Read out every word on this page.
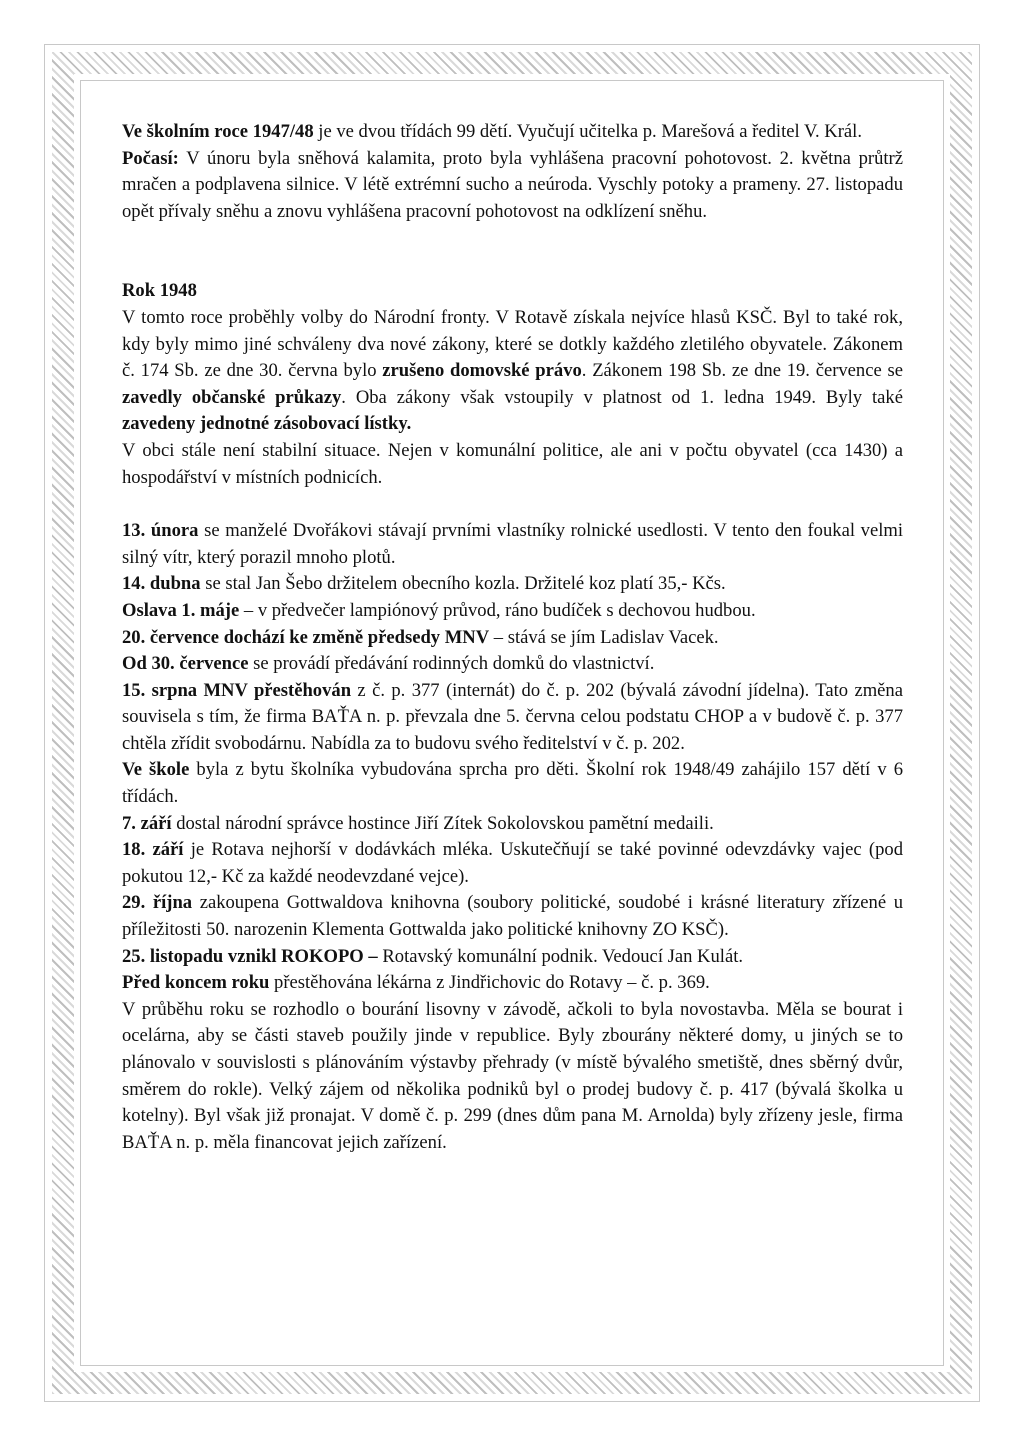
Ve školním roce 1947/48 je ve dvou třídách 99 dětí. Vyučují učitelka p. Marešová a ředitel V. Král.

Počasí: V únoru byla sněhová kalamita, proto byla vyhlášena pracovní pohotovost. 2. května průtrž mračen a podplavena silnice. V létě extrémní sucho a neúroda. Vyschly potoky a prameny. 27. listopadu opět přívaly sněhu a znovu vyhlášena pracovní pohotovost na odklízení sněhu.

Rok 1948

V tomto roce proběhly volby do Národní fronty. V Rotavě získala nejvíce hlasů KSČ. Byl to také rok, kdy byly mimo jiné schváleny dva nové zákony, které se dotkly každého zletilého obyvatele. Zákonem č. 174 Sb. ze dne 30. června bylo zrušeno domovské právo. Zákonem 198 Sb. ze dne 19. července se zavedly občanské průkazy. Oba zákony však vstoupily v platnost od 1. ledna 1949. Byly také zavedeny jednotné zásobovací lístky.

V obci stále není stabilní situace. Nejen v komunální politice, ale ani v počtu obyvatel (cca 1430) a hospodářství v místních podnicích.

13. února se manželé Dvořákovi stávají prvními vlastníky rolnické usedlosti. V tento den foukal velmi silný vítr, který porazil mnoho plotů.

14. dubna se stal Jan Šebo držitelem obecního kozla. Držitelé koz platí 35,- Kčs.

Oslava 1. máje – v předvečer lampiónový průvod, ráno budíček s dechovou hudbou.

20. července dochází ke změně předsedy MNV – stává se jím Ladislav Vacek.

Od 30. července se provádí předávání rodinných domků do vlastnictví.

15. srpna MNV přestěhován z č. p. 377 (internát) do č. p. 202 (bývalá závodní jídelna). Tato změna souvisela s tím, že firma BAŤA n. p. převzala dne 5. června celou podstatu CHOP a v budově č. p. 377 chtěla zřídit svobodárnu. Nabídla za to budovu svého ředitelství v č. p. 202.

Ve škole byla z bytu školníka vybudována sprcha pro děti. Školní rok 1948/49 zahájilo 157 dětí v 6 třídách.

7. září dostal národní správce hostince Jiří Zítek Sokolovskou pamětní medaili.

18. září je Rotava nejhorší v dodávkách mléka. Uskutečňují se také povinné odevzdávky vajec (pod pokutou 12,- Kč za každé neodevzdané vejce).

29. října zakoupena Gottwaldova knihovna (soubory politické, soudobé i krásné literatury zřízené u příležitosti 50. narozenin Klementa Gottwalda jako politické knihovny ZO KSČ).

25. listopadu vznikl ROKOPO – Rotavský komunální podnik. Vedoucí Jan Kulát.

Před koncem roku přestěhována lékárna z Jindřichovic do Rotavy – č. p. 369.

V průběhu roku se rozhodlo o bourání lisovny v závodě, ačkoli to byla novostavba. Měla se bourat i ocelárna, aby se části staveb použily jinde v republice. Byly zbourány některé domy, u jiných se to plánovalo v souvislosti s plánováním výstavby přehrady (v místě bývalého smetiště, dnes sběrný dvůr, směrem do rokle). Velký zájem od několika podniků byl o prodej budovy č. p. 417 (bývalá školka u kotelny). Byl však již pronajat. V domě č. p. 299 (dnes dům pana M. Arnolda) byly zřízeny jesle, firma BAŤA n. p. měla financovat jejich zařízení.
